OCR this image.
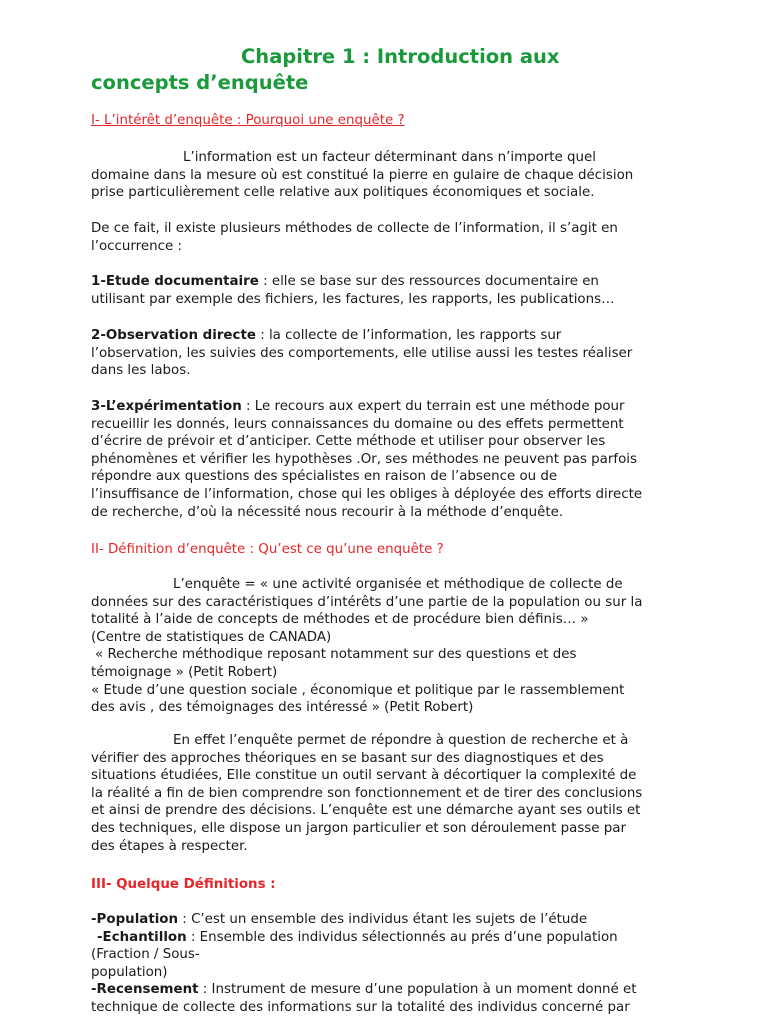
Chapitre 1 : Introduction aux
concepts d’enquête

I- L’intérêt d’enquête : Pourquoi une enquête ?

L’information est un facteur déterminant dans n’importe quel
domaine dans la mesure où est constitué la pierre en gulaire de chaque décision
prise particulièrement celle relative aux politiques économiques et sociale.
De ce fait, il existe plusieurs méthodes de collecte de l’information, il s’agit en
l’occurrence :
1-Etude documentaire : elle se base sur des ressources documentaire en
utilisant par exemple des fichiers, les factures, les rapports, les publications…
2-Observation directe : la collecte de l’information, les rapports sur
l’observation, les suivies des comportements, elle utilise aussi les testes réaliser
dans les labos.
3-L’expérimentation : Le recours aux expert du terrain est une méthode pour
recueillir les donnés, leurs connaissances du domaine ou des effets permettent
d’écrire de prévoir et d’anticiper. Cette méthode et utiliser pour observer les
phénomènes et vérifier les hypothèses .Or, ses méthodes ne peuvent pas parfois
répondre aux questions des spécialistes en raison de l’absence ou de
l’insuffisance de l’information, chose qui les obliges à déployée des efforts directe
de recherche, d’où la nécessité nous recourir à la méthode d’enquête.

II- Définition d’enquête : Qu’est ce qu’une enquête ?

L’enquête = « une activité organisée et méthodique de collecte de
données sur des caractéristiques d’intérêts d’une partie de la population ou sur la
totalité à l’aide de concepts de méthodes et de procédure bien définis… »
(Centre de statistiques de CANADA)
« Recherche méthodique reposant notamment sur des questions et des
témoignage » (Petit Robert)
« Etude d’une question sociale , économique et politique par le rassemblement
des avis , des témoignages des intéressé » (Petit Robert)
En effet l’enquête permet de répondre à question de recherche et à
vérifier des approches théoriques en se basant sur des diagnostiques et des
situations étudiées, Elle constitue un outil servant à décortiquer la complexité de
la réalité a fin de bien comprendre son fonctionnement et de tirer des conclusions
et ainsi de prendre des décisions. L’enquête est une démarche ayant ses outils et
des techniques, elle dispose un jargon particulier et son déroulement passe par
des étapes à respecter.

III- Quelque Définitions :

-Population : C’est un ensemble des individus étant les sujets de l’étude
-Echantillon : Ensemble des individus sélectionnés au prés d’une population
(Fraction / Sous-
population)
-Recensement : Instrument de mesure d’une population à un moment donné et
technique de collecte des informations sur la totalité des individus concerné par
